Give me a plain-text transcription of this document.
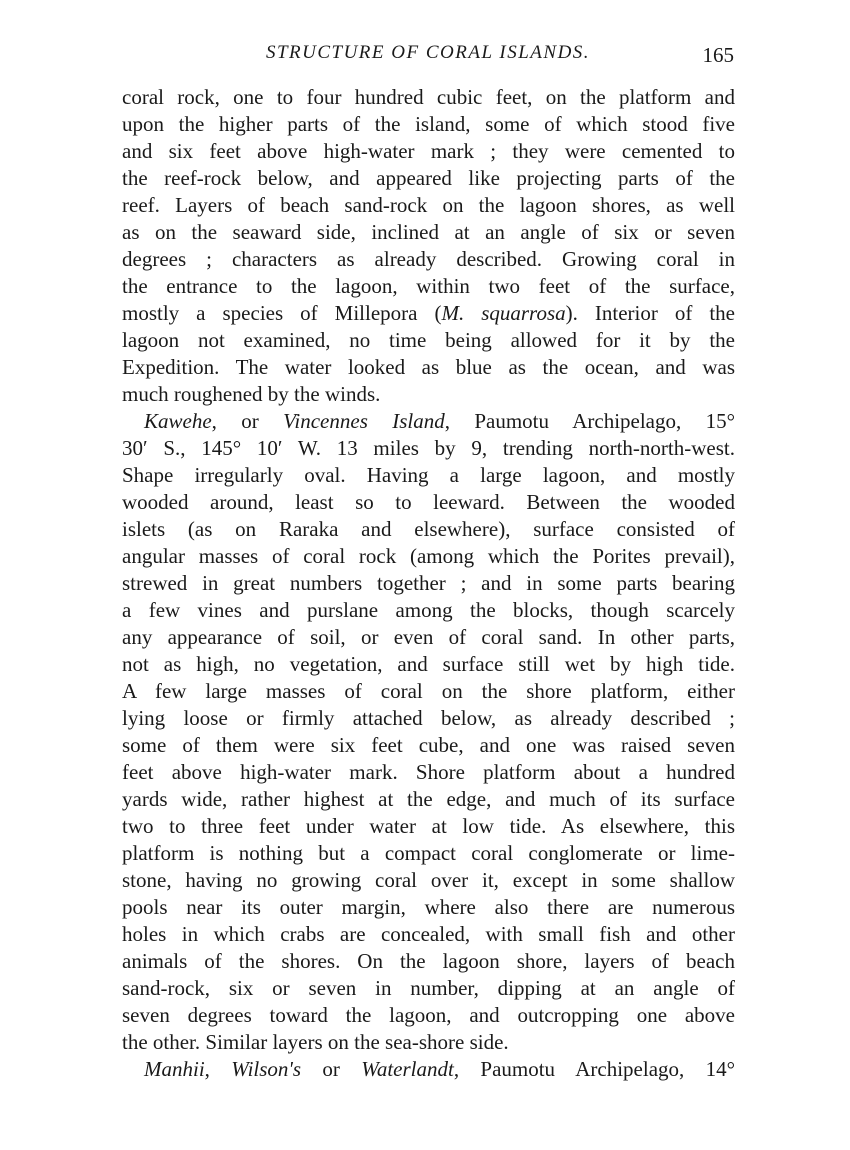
STRUCTURE OF CORAL ISLANDS.	165
coral rock, one to four hundred cubic feet, on the platform and
upon the higher parts of the island, some of which stood five
and six feet above high-water mark ; they were cemented to
the reef-rock below, and appeared like projecting parts of the
reef. Layers of beach sand-rock on the lagoon shores, as well
as on the seaward side, inclined at an angle of six or seven
degrees ; characters as already described. Growing coral in
the entrance to the lagoon, within two feet of the surface,
mostly a species of Millepora (M. squarrosa). Interior of the
lagoon not examined, no time being allowed for it by the
Expedition. The water looked as blue as the ocean, and was
much roughened by the winds.
Kawehe, or Vincennes Island, Paumotu Archipelago, 15°
30′ S., 145° 10′ W. 13 miles by 9, trending north-north-west.
Shape irregularly oval. Having a large lagoon, and mostly
wooded around, least so to leeward. Between the wooded
islets (as on Raraka and elsewhere), surface consisted of
angular masses of coral rock (among which the Porites prevail),
strewed in great numbers together ; and in some parts bearing
a few vines and purslane among the blocks, though scarcely
any appearance of soil, or even of coral sand. In other parts,
not as high, no vegetation, and surface still wet by high tide.
A few large masses of coral on the shore platform, either
lying loose or firmly attached below, as already described ;
some of them were six feet cube, and one was raised seven
feet above high-water mark. Shore platform about a hundred
yards wide, rather highest at the edge, and much of its surface
two to three feet under water at low tide. As elsewhere, this
platform is nothing but a compact coral conglomerate or lime-
stone, having no growing coral over it, except in some shallow
pools near its outer margin, where also there are numerous
holes in which crabs are concealed, with small fish and other
animals of the shores. On the lagoon shore, layers of beach
sand-rock, six or seven in number, dipping at an angle of
seven degrees toward the lagoon, and outcropping one above
the other. Similar layers on the sea-shore side.
Manhii, Wilson's or Waterlandt, Paumotu Archipelago, 14°
